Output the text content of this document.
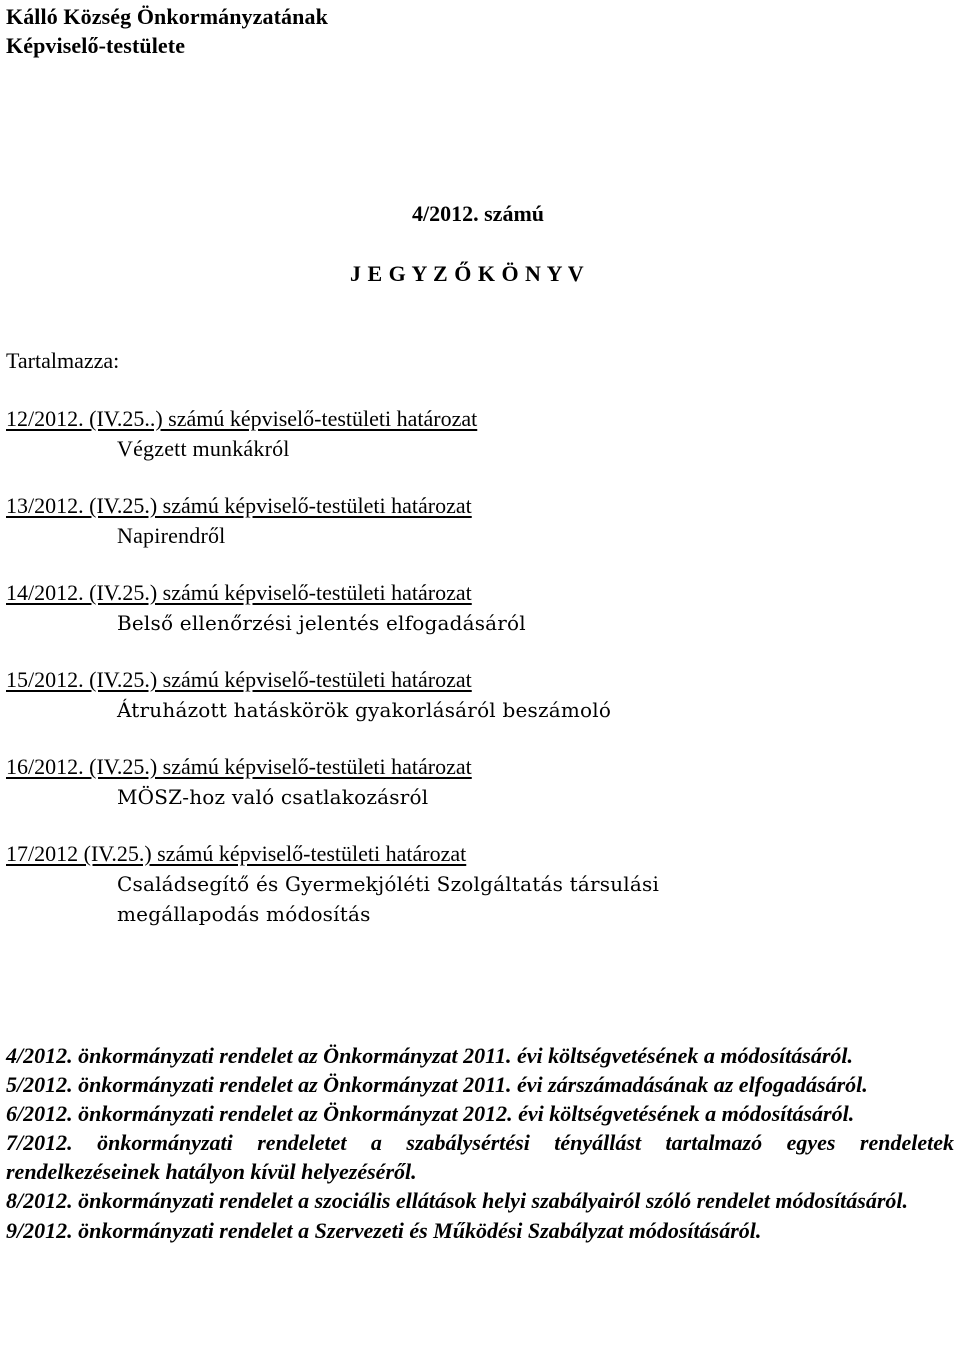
Kálló Község Önkormányzatának
Képviselő-testülete
4/2012. számú
J E G Y Z Ő K Ö N Y V
Tartalmazza:
12/2012. (IV.25..) számú képviselő-testületi határozat
Végzett munkákról
13/2012. (IV.25.) számú képviselő-testületi határozat
Napirendről
14/2012. (IV.25.) számú képviselő-testületi határozat
Belső ellenőrzési jelentés elfogadásáról
15/2012. (IV.25.) számú képviselő-testületi határozat
Átruházott hatáskörök gyakorlásáról beszámoló
16/2012. (IV.25.) számú képviselő-testületi határozat
MÖSZ-hoz való csatlakozásról
17/2012 (IV.25.) számú képviselő-testületi határozat
Családsegítő és Gyermekjóléti Szolgáltatás társulási
megállapodás módosítás
4/2012. önkormányzati rendelet az Önkormányzat 2011. évi költségvetésének a módosításáról.
5/2012. önkormányzati rendelet az Önkormányzat 2011. évi zárszámadásának az elfogadásáról.
6/2012. önkormányzati rendelet az Önkormányzat 2012. évi költségvetésének a módosításáról.
7/2012. önkormányzati rendeletet a szabálysértési tényállást tartalmazó egyes rendeletek rendelkezéseinek hatályon kívül helyezéséről.
8/2012. önkormányzati rendelet a szociális ellátások helyi szabályairól szóló rendelet módosításáról.
9/2012. önkormányzati rendelet a Szervezeti és Működési Szabályzat módosításáról.
